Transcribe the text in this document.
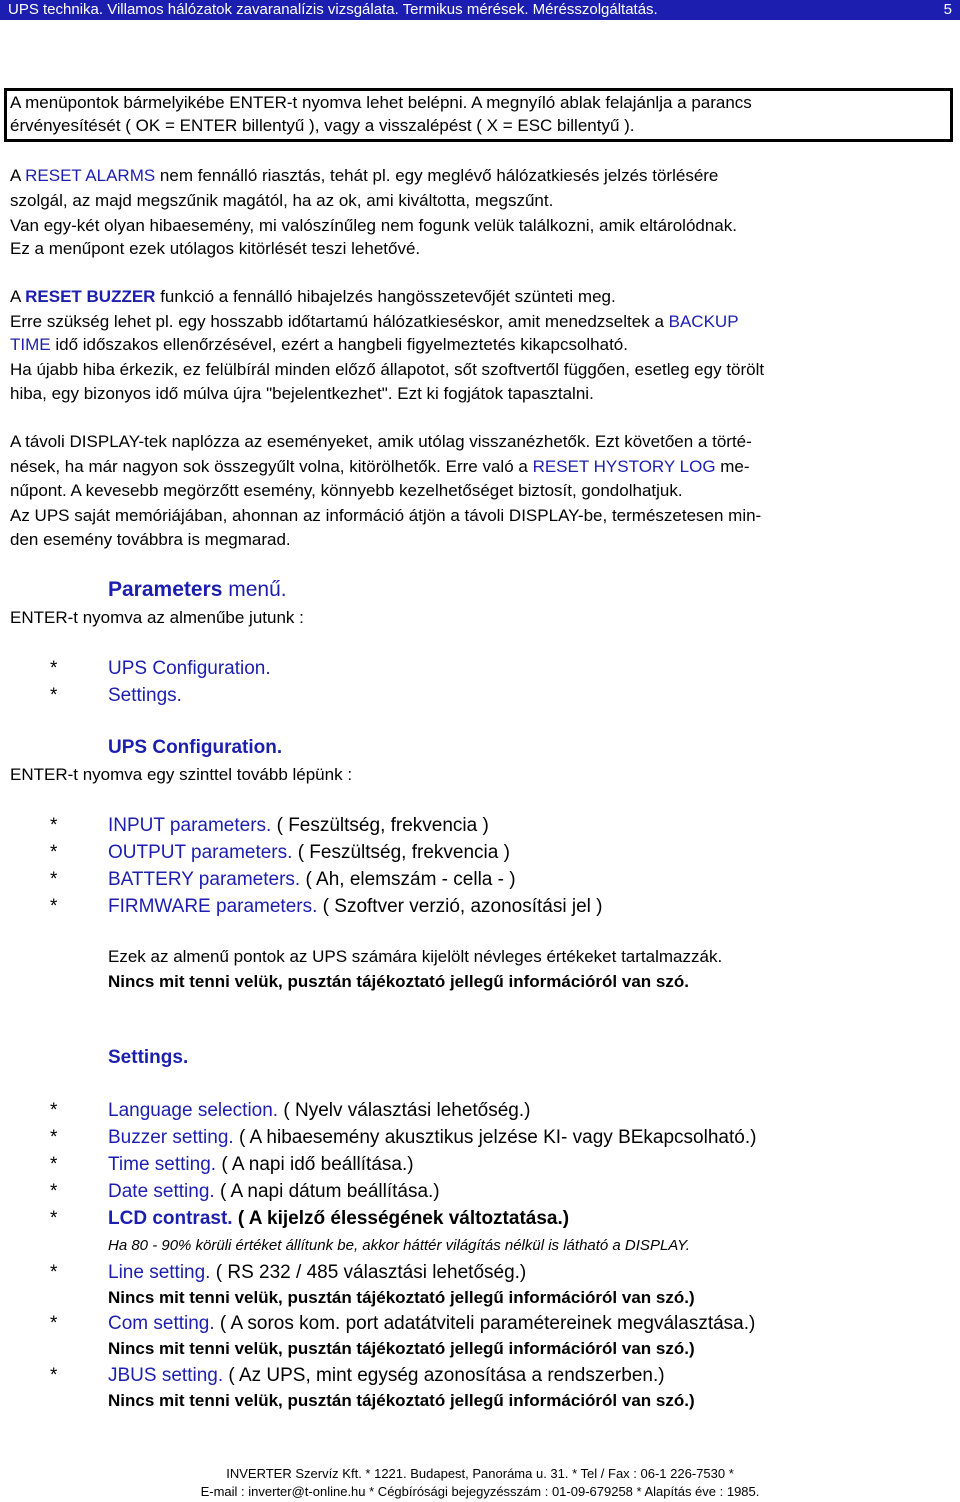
UPS technika. Villamos hálózatok zavaranalízis vizsgálata. Termikus mérések. Mérésszolgáltatás.	5
A menüpontok bármelyikébe ENTER-t nyomva lehet belépni. A megnyíló ablak felajánlja a parancs
érvényesítését ( OK = ENTER billentyű ), vagy a visszalépést ( X = ESC billentyű ).
A RESET ALARMS nem fennálló riasztás, tehát pl. egy meglévő hálózatkiesés jelzés törlésére
szolgál, az majd megszűnik magától, ha az ok, ami kiváltotta, megszűnt.
Van egy-két olyan hibaesemény, mi valószínűleg nem fogunk velük találkozni, amik eltárolódnak.
Ez a menűpont ezek utólagos kitörlését teszi lehetővé.
A RESET BUZZER funkció a fennálló hibajelzés hangösszetevőjét szünteti meg.
Erre szükség lehet pl. egy hosszabb időtartamú hálózatkieséskor, amit menedzseltek a BACKUP
TIME idő időszakos ellenőrzésével, ezért a hangbeli figyelmeztetés kikapcsolható.
Ha újabb hiba érkezik, ez felülbírál minden előző állapotot, sőt szoftvertől függően, esetleg egy törölt
hiba, egy bizonyos idő múlva újra "bejelentkezhet". Ezt ki fogjátok tapasztalni.
A távoli DISPLAY-tek naplózza az eseményeket, amik utólag visszanézhetők. Ezt követően a törté-
nések, ha már nagyon sok összegyűlt volna, kitörölhetők. Erre való a RESET HYSTORY LOG me-
nűpont. A kevesebb megörzőtt esemény, könnyebb kezelhetőséget biztosít, gondolhatjuk.
Az UPS saját memóriájában, ahonnan az információ átjön a távoli DISPLAY-be, természetesen min-
den esemény továbbra is megmarad.
Parameters menű.
ENTER-t nyomva az almenűbe jutunk :
*	UPS Configuration.
*	Settings.
UPS Configuration.
ENTER-t nyomva egy szinttel tovább lépünk :
*	INPUT parameters. ( Feszültség, frekvencia )
*	OUTPUT parameters. ( Feszültség, frekvencia )
*	BATTERY parameters. ( Ah, elemszám - cella - )
*	FIRMWARE parameters. ( Szoftver verzió, azonosítási jel )
Ezek az almenű pontok az UPS számára kijelölt névleges értékeket tartalmazzák.
Nincs mit tenni velük, pusztán tájékoztató jellegű információról van szó.
Settings.
*	Language selection. ( Nyelv választási lehetőség.)
*	Buzzer setting. ( A hibaesemény akusztikus jelzése KI- vagy BEkapcsolható.)
*	Time setting. ( A napi idő beállítása.)
*	Date setting. ( A napi dátum beállítása.)
*	LCD contrast. ( A kijelző élességének változtatása.)
Ha 80 - 90% körüli értéket állítunk be, akkor háttér világítás nélkül is látható a DISPLAY.
*	Line setting. ( RS 232 / 485 választási lehetőség.)
Nincs mit tenni velük, pusztán tájékoztató jellegű információról van szó.)
*	Com setting. ( A soros kom. port adatátviteli paramétereinek megválasztása.)
Nincs mit tenni velük, pusztán tájékoztató jellegű információról van szó.)
*	JBUS setting. ( Az UPS, mint egység azonosítása a rendszerben.)
Nincs mit tenni velük, pusztán tájékoztató jellegű információról van szó.)
INVERTER Szervíz Kft. * 1221. Budapest, Panoráma u. 31. * Tel / Fax : 06-1 226-7530 *
E-mail : inverter@t-online.hu * Cégbírósági bejegyzésszám : 01-09-679258 * Alapítás éve : 1985.
